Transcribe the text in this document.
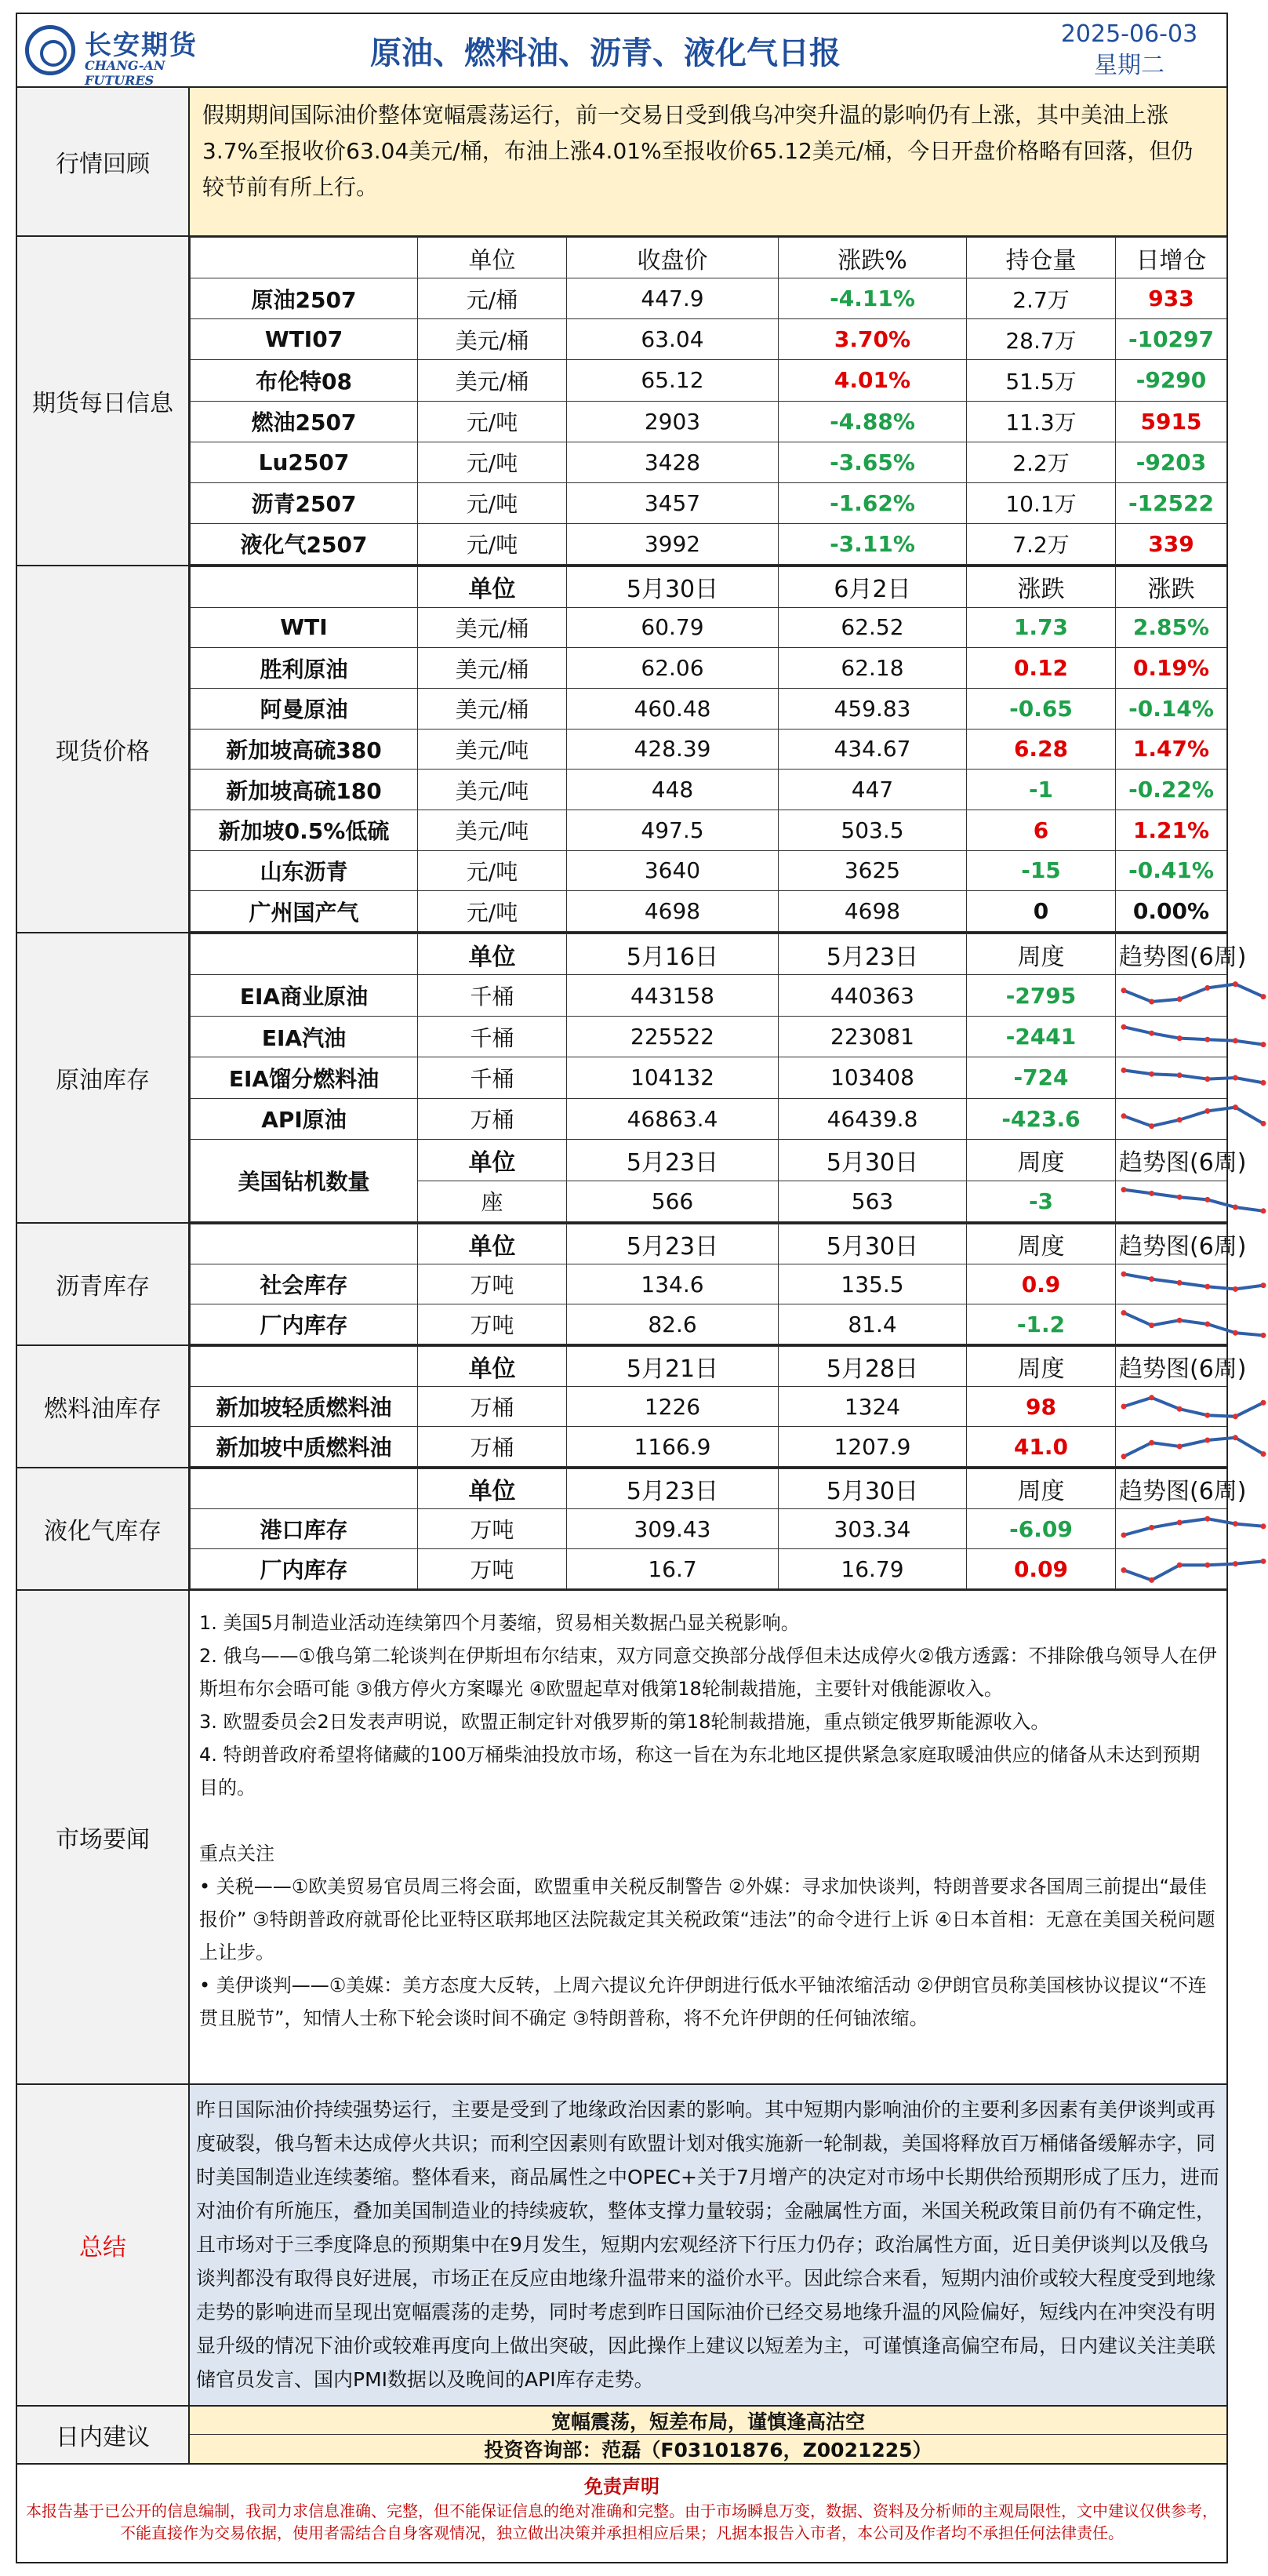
长安期货
CHANG-AN FUTURES
原油、燃料油、沥青、液化气日报
2025-06-03
星期二
行情回顾
假期期间国际油价整体宽幅震荡运行，前一交易日受到俄乌冲突升温的影响仍有上涨，其中美油上涨3.7%至报收价63.04美元/桶，布油上涨4.01%至报收价65.12美元/桶，今日开盘价格略有回落，但仍较节前有所上行。
期货每日信息
	单位	收盘价	涨跌%	持仓量	日增仓
原油2507	元/桶	447.9	-4.11%	2.7万	933
WTI07	美元/桶	63.04	3.70%	28.7万	-10297
布伦特08	美元/桶	65.12	4.01%	51.5万	-9290
燃油2507	元/吨	2903	-4.88%	11.3万	5915
Lu2507	元/吨	3428	-3.65%	2.2万	-9203
沥青2507	元/吨	3457	-1.62%	10.1万	-12522
液化气2507	元/吨	3992	-3.11%	7.2万	339
现货价格
	单位	5月30日	6月2日	涨跌	涨跌
WTI	美元/桶	60.79	62.52	1.73	2.85%
胜利原油	美元/桶	62.06	62.18	0.12	0.19%
阿曼原油	美元/桶	460.48	459.83	-0.65	-0.14%
新加坡高硫380	美元/吨	428.39	434.67	6.28	1.47%
新加坡高硫180	美元/吨	448	447	-1	-0.22%
新加坡0.5%低硫	美元/吨	497.5	503.5	6	1.21%
山东沥青	元/吨	3640	3625	-15	-0.41%
广州国产气	元/吨	4698	4698	0	0.00%
原油库存
	单位	5月16日	5月23日	周度	趋势图(6周)
EIA商业原油	千桶	443158	440363	-2795	

EIA汽油	千桶	225522	223081	-2441	

EIA馏分燃料油	千桶	104132	103408	-724	

API原油	万桶	46863.4	46439.8	-423.6	

美国钻机数量	单位	5月23日	5月30日	周度	趋势图(6周)
	座	566	563	-3	
沥青库存
	单位	5月23日	5月30日	周度	趋势图(6周)
社会库存	万吨	134.6	135.5	0.9	

厂内库存	万吨	82.6	81.4	-1.2	
燃料油库存
	单位	5月21日	5月28日	周度	趋势图(6周)
新加坡轻质燃料油	万桶	1226	1324	98	

新加坡中质燃料油	万桶	1166.9	1207.9	41.0	
液化气库存
	单位	5月23日	5月30日	周度	趋势图(6周)
港口库存	万吨	309.43	303.34	-6.09	

厂内库存	万吨	16.7	16.79	0.09	
市场要闻

1. 美国5月制造业活动连续第四个月萎缩，贸易相关数据凸显关税影响。

2. 俄乌——①俄乌第二轮谈判在伊斯坦布尔结束，双方同意交换部分战俘但未达成停火②俄方透露：不排除俄乌领导人在伊斯坦布尔会晤可能 ③俄方停火方案曝光 ④欧盟起草对俄第18轮制裁措施，主要针对俄能源收入。

3. 欧盟委员会2日发表声明说，欧盟正制定针对俄罗斯的第18轮制裁措施，重点锁定俄罗斯能源收入。

4. 特朗普政府希望将储藏的100万桶柴油投放市场，称这一旨在为东北地区提供紧急家庭取暖油供应的储备从未达到预期目的。

重点关注

• 关税——①欧美贸易官员周三将会面，欧盟重申关税反制警告 ②外媒：寻求加快谈判，特朗普要求各国周三前提出“最佳报价” ③特朗普政府就哥伦比亚特区联邦地区法院裁定其关税政策“违法”的命令进行上诉 ④日本首相：无意在美国关税问题上让步。

• 美伊谈判——①美媒：美方态度大反转，上周六提议允许伊朗进行低水平铀浓缩活动 ②伊朗官员称美国核协议提议“不连贯且脱节”，知情人士称下轮会谈时间不确定 ③特朗普称，将不允许伊朗的任何铀浓缩。

总结
昨日国际油价持续强势运行，主要是受到了地缘政治因素的影响。其中短期内影响油价的主要利多因素有美伊谈判或再度破裂，俄乌暂未达成停火共识；而利空因素则有欧盟计划对俄实施新一轮制裁，美国将释放百万桶储备缓解赤字，同时美国制造业连续萎缩。整体看来，商品属性之中OPEC+关于7月增产的决定对市场中长期供给预期形成了压力，进而对油价有所施压，叠加美国制造业的持续疲软，整体支撑力量较弱；金融属性方面，米国关税政策目前仍有不确定性，且市场对于三季度降息的预期集中在9月发生，短期内宏观经济下行压力仍存；政治属性方面，近日美伊谈判以及俄乌谈判都没有取得良好进展，市场正在反应由地缘升温带来的溢价水平。因此综合来看，短期内油价或较大程度受到地缘走势的影响进而呈现出宽幅震荡的走势，同时考虑到昨日国际油价已经交易地缘升温的风险偏好，短线内在冲突没有明显升级的情况下油价或较难再度向上做出突破，因此操作上建议以短差为主，可谨慎逢高偏空布局，日内建议关注美联储官员发言、国内PMI数据以及晚间的API库存走势。
日内建议
宽幅震荡，短差布局，谨慎逢高沽空
投资咨询部：范磊（F03101876，Z0021225）
免责声明
本报告基于已公开的信息编制，我司力求信息准确、完整，但不能保证信息的绝对准确和完整。由于市场瞬息万变，数据、资料及分析师的主观局限性，文中建议仅供参考，不能直接作为交易依据，使用者需结合自身客观情况，独立做出决策并承担相应后果；凡据本报告入市者，本公司及作者均不承担任何法律责任。
